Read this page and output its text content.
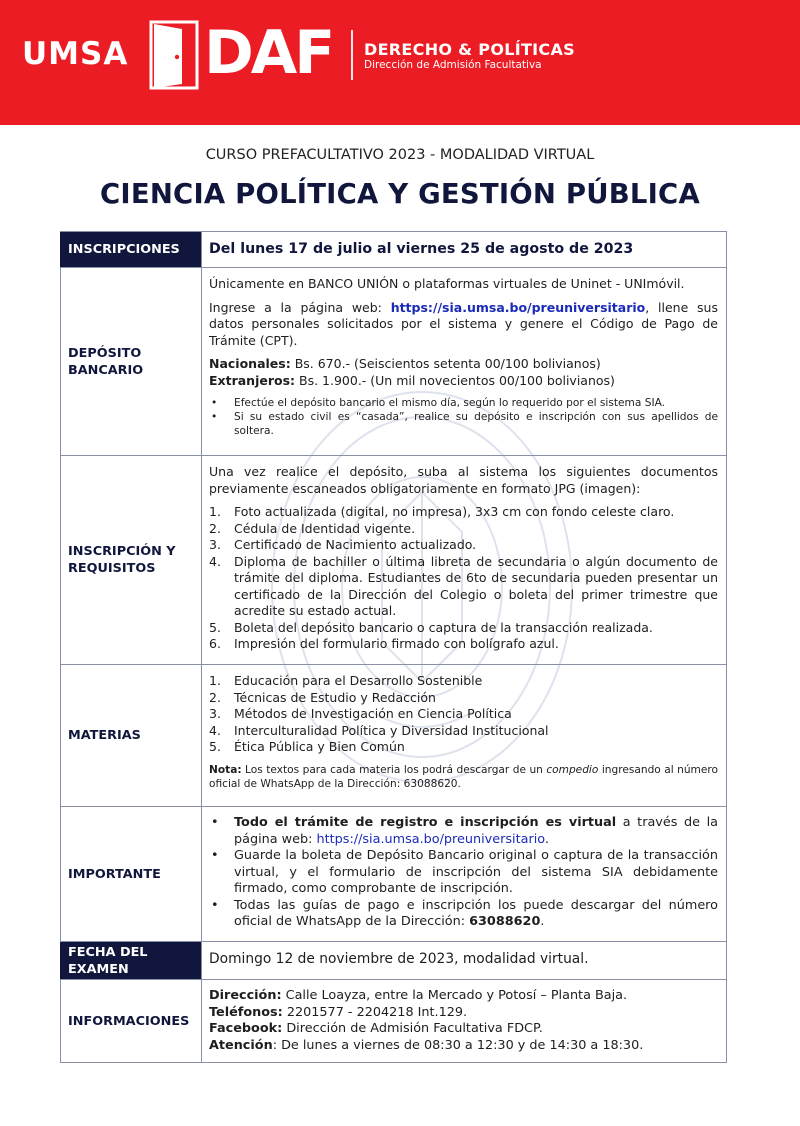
UMSA DAF DERECHO & POLÍTICAS
Dirección de Admisión Facultativa
CURSO PREFACULTATIVO 2023 - MODALIDAD VIRTUAL
CIENCIA POLÍTICA Y GESTIÓN PÚBLICA
INSCRIPCIONES	Del lunes 17 de julio al viernes 25 de agosto de 2023
DEPÓSITO BANCARIO
Únicamente en BANCO UNIÓN o plataformas virtuales de Uninet - UNImóvil.
Ingrese a la página web: https://sia.umsa.bo/preuniversitario, llene sus datos personales solicitados por el sistema y genere el Código de Pago de Trámite (CPT).
Nacionales: Bs. 670.- (Seiscientos setenta 00/100 bolivianos)
Extranjeros: Bs. 1.900.- (Un mil novecientos 00/100 bolivianos)
• Efectúe el depósito bancario el mismo día, según lo requerido por el sistema SIA.
• Si su estado civil es “casada”, realice su depósito e inscripción con sus apellidos de soltera.
INSCRIPCIÓN Y REQUISITOS
Una vez realice el depósito, suba al sistema los siguientes documentos previamente escaneados obligatoriamente en formato JPG (imagen):
1. Foto actualizada (digital, no impresa), 3x3 cm con fondo celeste claro.
2. Cédula de Identidad vigente.
3. Certificado de Nacimiento actualizado.
4. Diploma de bachiller o última libreta de secundaria o algún documento de trámite del diploma. Estudiantes de 6to de secundaria pueden presentar un certificado de la Dirección del Colegio o boleta del primer trimestre que acredite su estado actual.
5. Boleta del depósito bancario o captura de la transacción realizada.
6. Impresión del formulario firmado con bolígrafo azul.
MATERIAS
1. Educación para el Desarrollo Sostenible
2. Técnicas de Estudio y Redacción
3. Métodos de Investigación en Ciencia Política
4. Interculturalidad Política y Diversidad Institucional
5. Ética Pública y Bien Común
Nota: Los textos para cada materia los podrá descargar de un compedio ingresando al número oficial de WhatsApp de la Dirección: 63088620.
IMPORTANTE
• Todo el trámite de registro e inscripción es virtual a través de la página web: https://sia.umsa.bo/preuniversitario.
• Guarde la boleta de Depósito Bancario original o captura de la transacción virtual, y el formulario de inscripción del sistema SIA debidamente firmado, como comprobante de inscripción.
• Todas las guías de pago e inscripción los puede descargar del número oficial de WhatsApp de la Dirección: 63088620.
FECHA DEL EXAMEN
Domingo 12 de noviembre de 2023, modalidad virtual.
INFORMACIONES
Dirección: Calle Loayza, entre la Mercado y Potosí – Planta Baja.
Teléfonos: 2201577 - 2204218 Int.129.
Facebook: Dirección de Admisión Facultativa FDCP.
Atención: De lunes a viernes de 08:30 a 12:30 y de 14:30 a 18:30.
